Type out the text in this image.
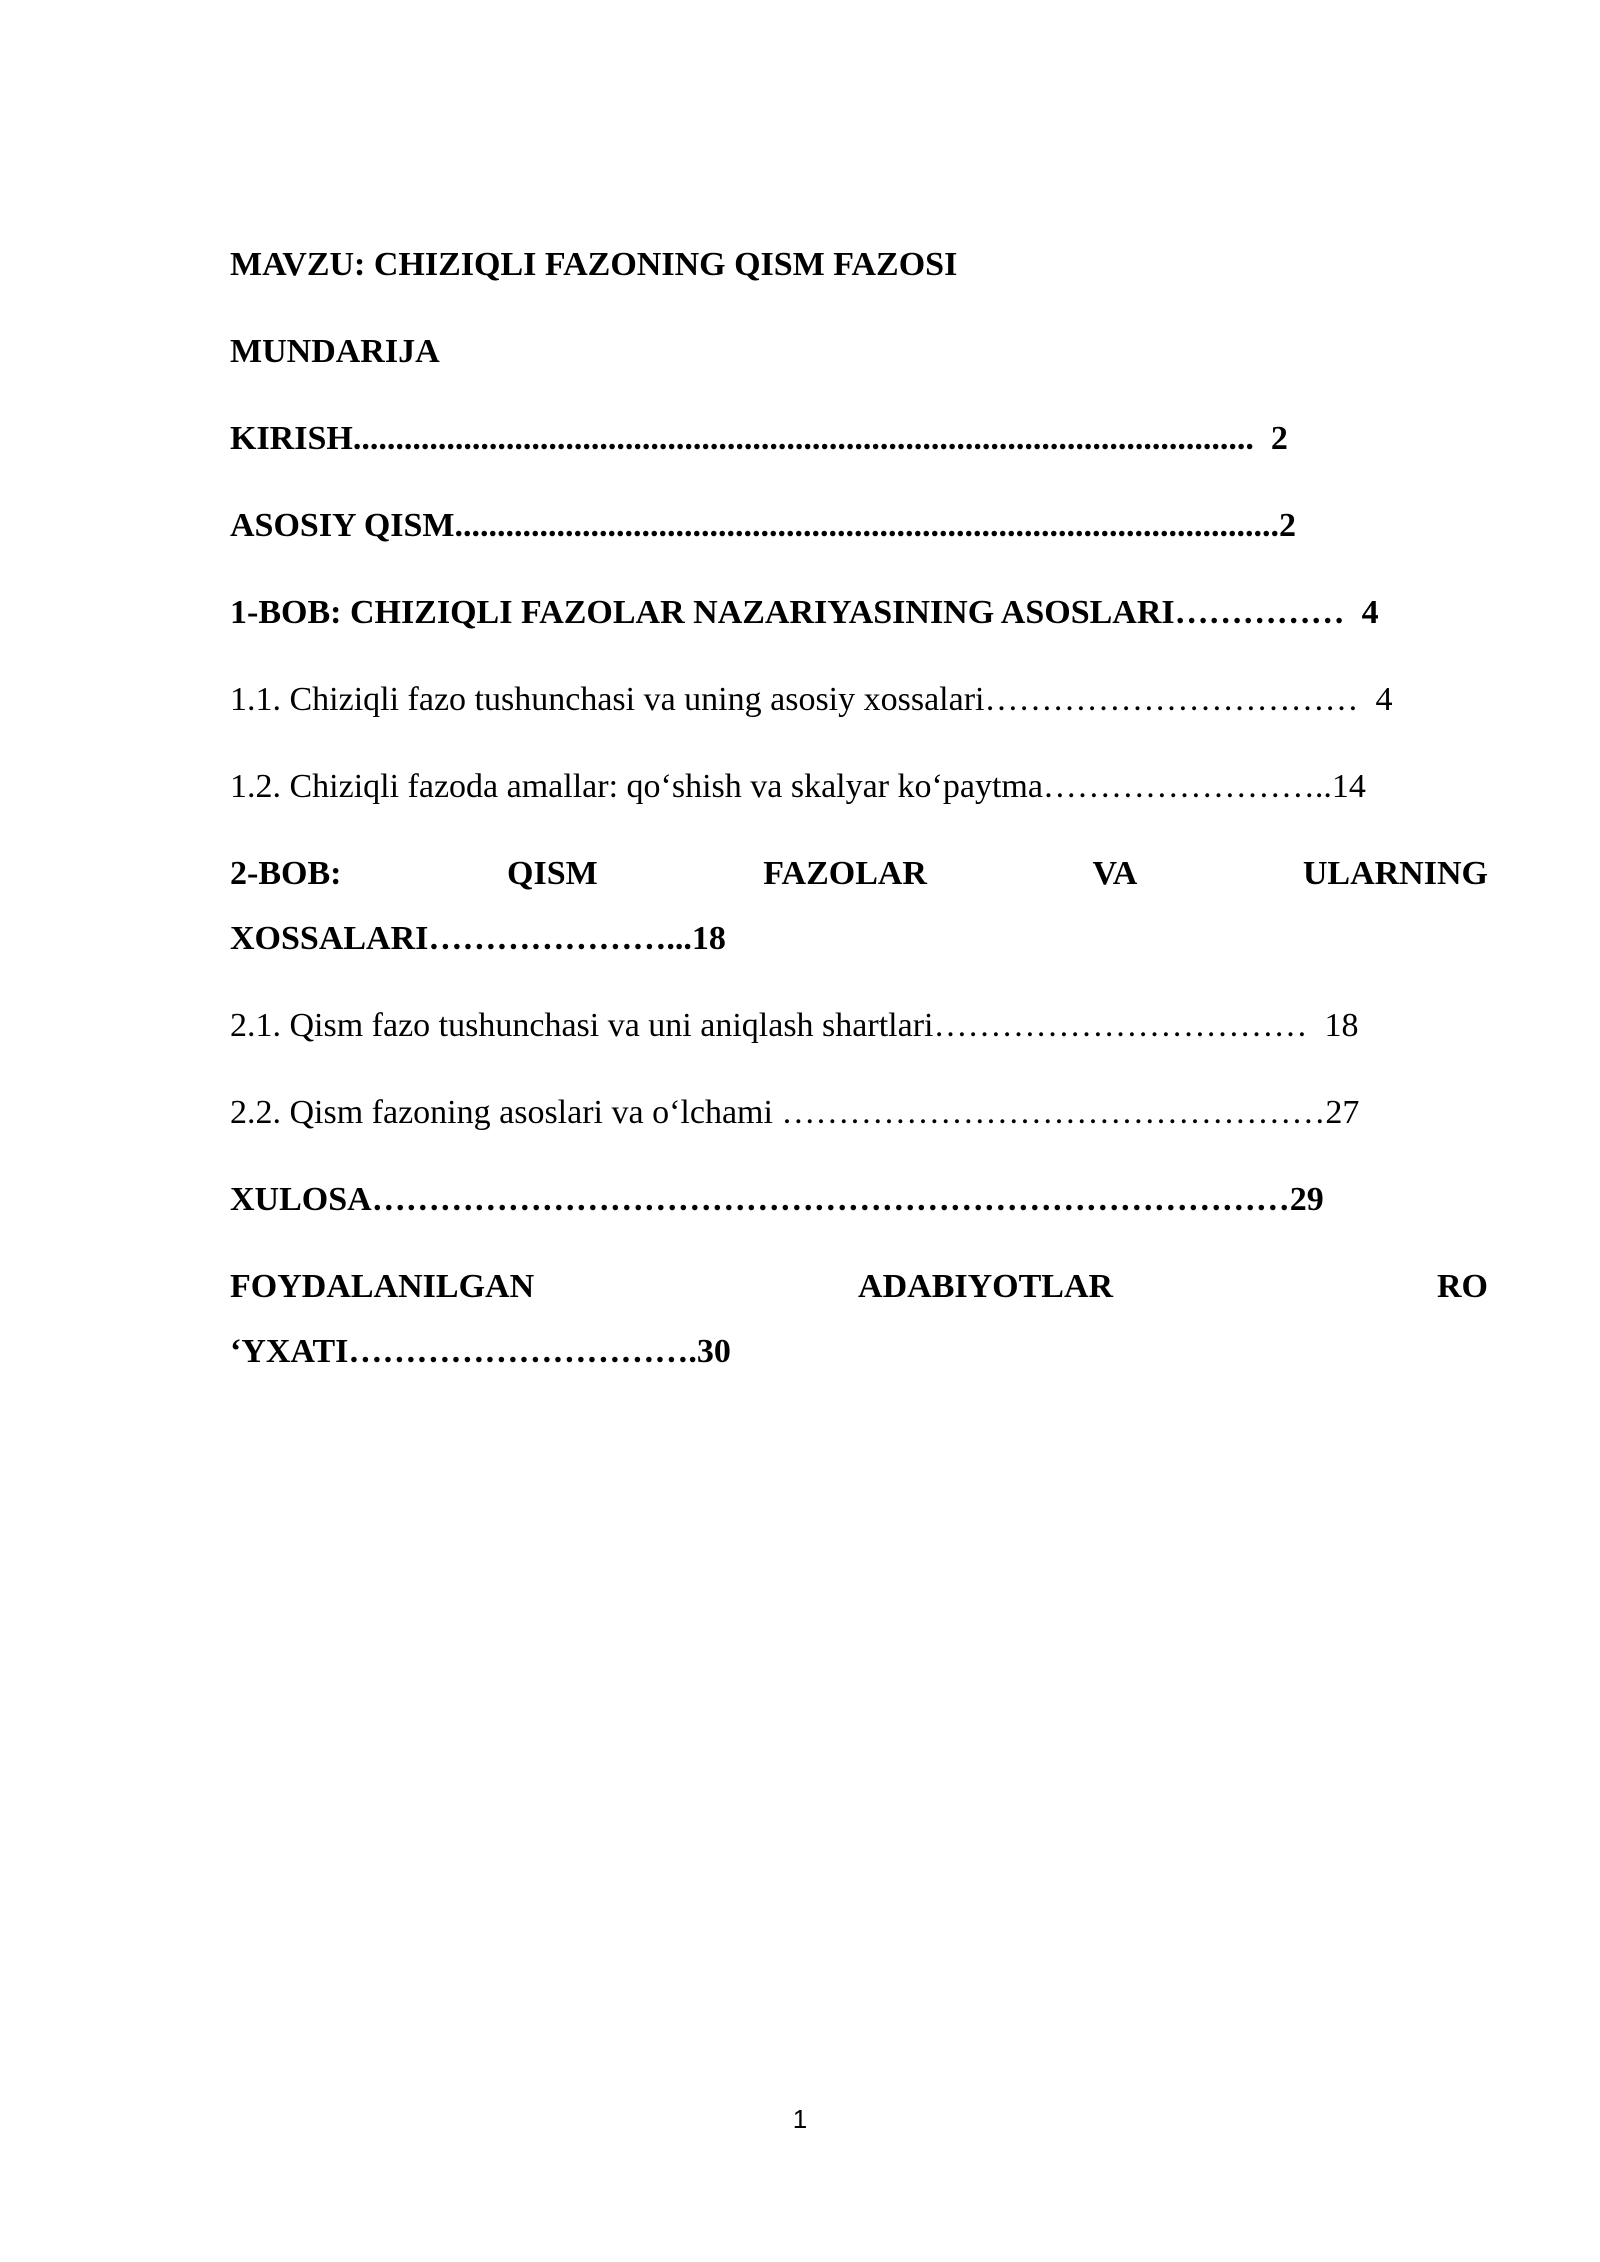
MAVZU: CHIZIQLI FAZONING QISM FAZOSI
MUNDARIJA
KIRISH..........................................................................................................  2
ASOSIY QISM.................................................................................................2
1-BOB: CHIZIQLI FAZOLAR NAZARIYASINING ASOSLARI……………  4
1.1. Chiziqli fazo tushunchasi va uning asosiy xossalari……………………………  4
1.2. Chiziqli fazoda amallar: qo‘shish va skalyar ko‘paytma……………………..14
2-BOB:	QISM	FAZOLAR	VA	ULARNING
XOSSALARI…………………...18
2.1. Qism fazo tushunchasi va uni aniqlash shartlari……………………………  18
2.2. Qism fazoning asoslari va o‘lchami …………………………………………27
XULOSA………………………………………………………………………29
FOYDALANILGAN	ADABIYOTLAR	RO
‘YXATI………………………….30
1
